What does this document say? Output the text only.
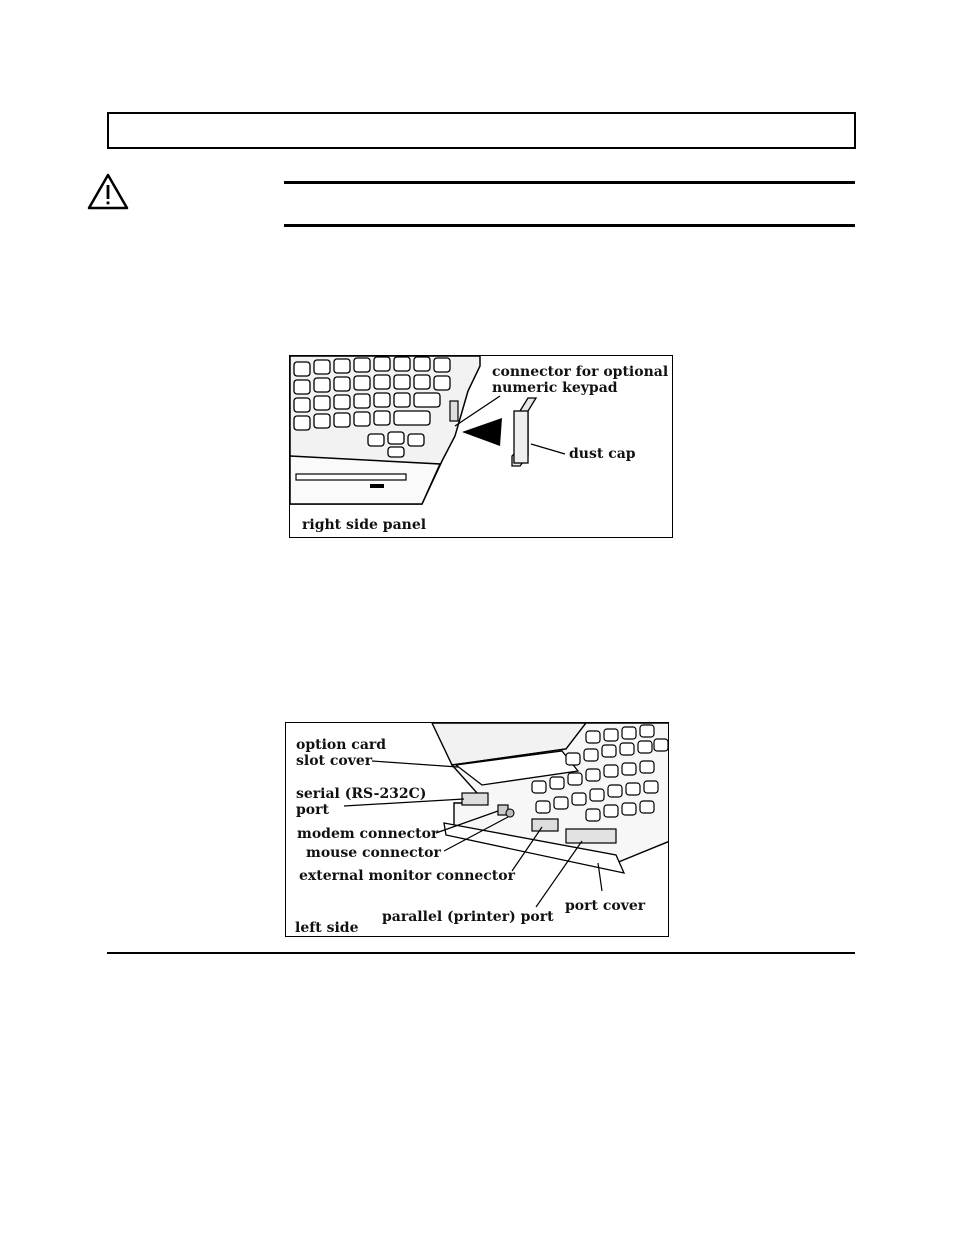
connector for optional
numeric keypad
dust cap
right side panel
option card
slot cover
serial (RS-232C)
port
modem connector
mouse connector
external monitor connector
port cover
parallel (printer) port
left side
